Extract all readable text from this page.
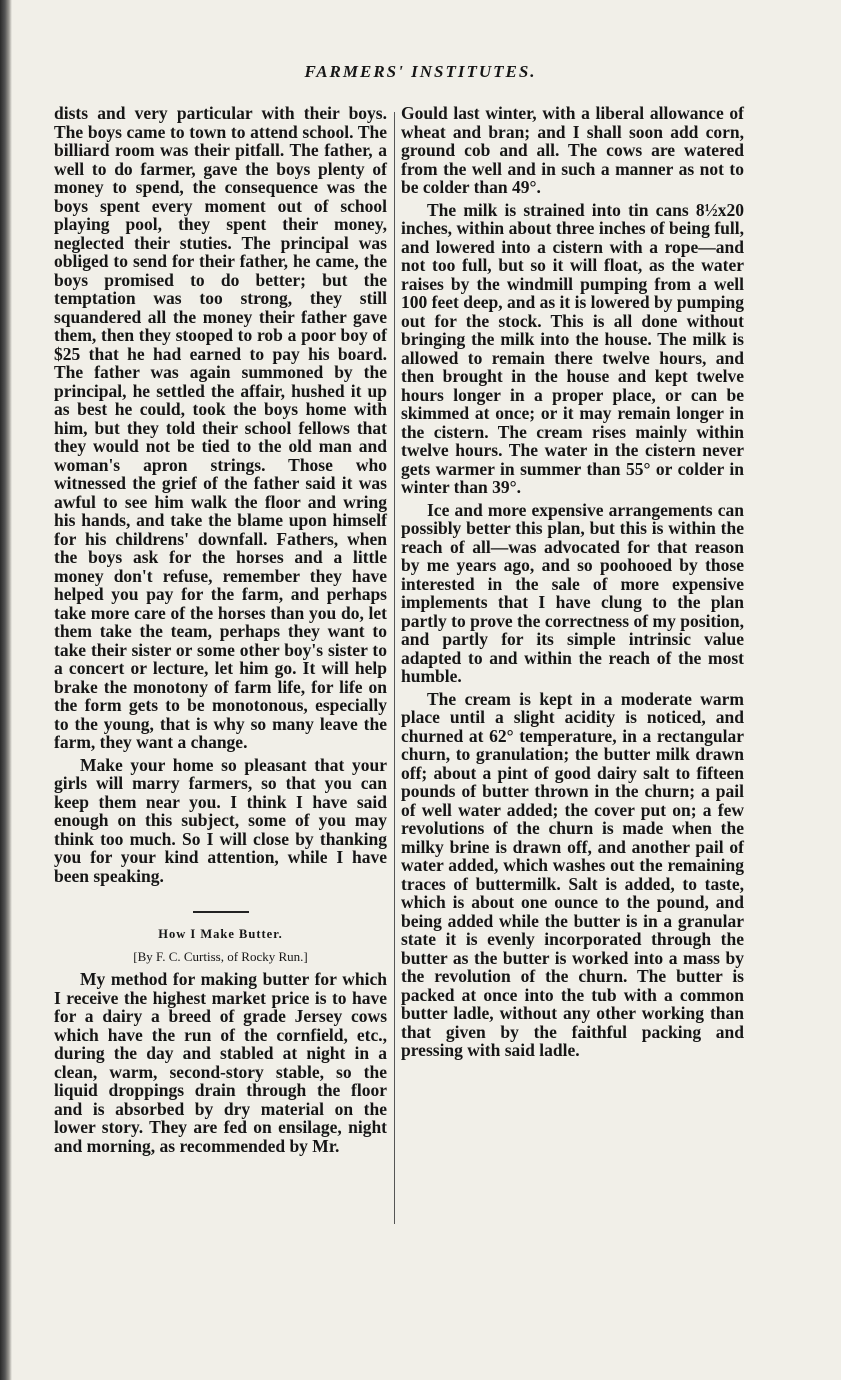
FARMERS' INSTITUTES.

dists and very particular with their boys. The boys came to town to attend school. The billiard room was their pitfall. The father, a well to do farmer, gave the boys plenty of money to spend, the consequence was the boys spent every moment out of school playing pool, they spent their money, neglected their stuties. The principal was obliged to send for their father, he came, the boys promised to do better; but the temptation was too strong, they still squandered all the money their father gave them, then they stooped to rob a poor boy of $25 that he had earned to pay his board. The father was again summoned by the principal, he settled the affair, hushed it up as best he could, took the boys home with him, but they told their school fellows that they would not be tied to the old man and woman's apron strings. Those who witnessed the grief of the father said it was awful to see him walk the floor and wring his hands, and take the blame upon himself for his childrens' downfall. Fathers, when the boys ask for the horses and a little money don't refuse, remember they have helped you pay for the farm, and perhaps take more care of the horses than you do, let them take the team, perhaps they want to take their sister or some other boy's sister to a concert or lecture, let him go. It will help brake the monotony of farm life, for life on the form gets to be monotonous, especially to the young, that is why so many leave the farm, they want a change.

Make your home so pleasant that your girls will marry farmers, so that you can keep them near you. I think I have said enough on this subject, some of you may think too much. So I will close by thanking you for your kind attention, while I have been speaking.

How I Make Butter.

[By F. C. Curtiss, of Rocky Run.]

My method for making butter for which I receive the highest market price is to have for a dairy a breed of grade Jersey cows which have the run of the cornfield, etc., during the day and stabled at night in a clean, warm, second-story stable, so the liquid droppings drain through the floor and is absorbed by dry material on the lower story. They are fed on ensilage, night and morning, as recommended by Mr.

Gould last winter, with a liberal allowance of wheat and bran; and I shall soon add corn, ground cob and all. The cows are watered from the well and in such a manner as not to be colder than 49°.

The milk is strained into tin cans 8½x20 inches, within about three inches of being full, and lowered into a cistern with a rope—and not too full, but so it will float, as the water raises by the windmill pumping from a well 100 feet deep, and as it is lowered by pumping out for the stock. This is all done without bringing the milk into the house. The milk is allowed to remain there twelve hours, and then brought in the house and kept twelve hours longer in a proper place, or can be skimmed at once; or it may remain longer in the cistern. The cream rises mainly within twelve hours. The water in the cistern never gets warmer in summer than 55° or colder in winter than 39°.

Ice and more expensive arrangements can possibly better this plan, but this is within the reach of all—was advocated for that reason by me years ago, and so poohooed by those interested in the sale of more expensive implements that I have clung to the plan partly to prove the correctness of my position, and partly for its simple intrinsic value adapted to and within the reach of the most humble.

The cream is kept in a moderate warm place until a slight acidity is noticed, and churned at 62° temperature, in a rectangular churn, to granulation; the butter milk drawn off; about a pint of good dairy salt to fifteen pounds of butter thrown in the churn; a pail of well water added; the cover put on; a few revolutions of the churn is made when the milky brine is drawn off, and another pail of water added, which washes out the remaining traces of buttermilk. Salt is added, to taste, which is about one ounce to the pound, and being added while the butter is in a granular state it is evenly incorporated through the butter as the butter is worked into a mass by the revolution of the churn. The butter is packed at once into the tub with a common butter ladle, without any other working than that given by the faithful packing and pressing with said ladle.
